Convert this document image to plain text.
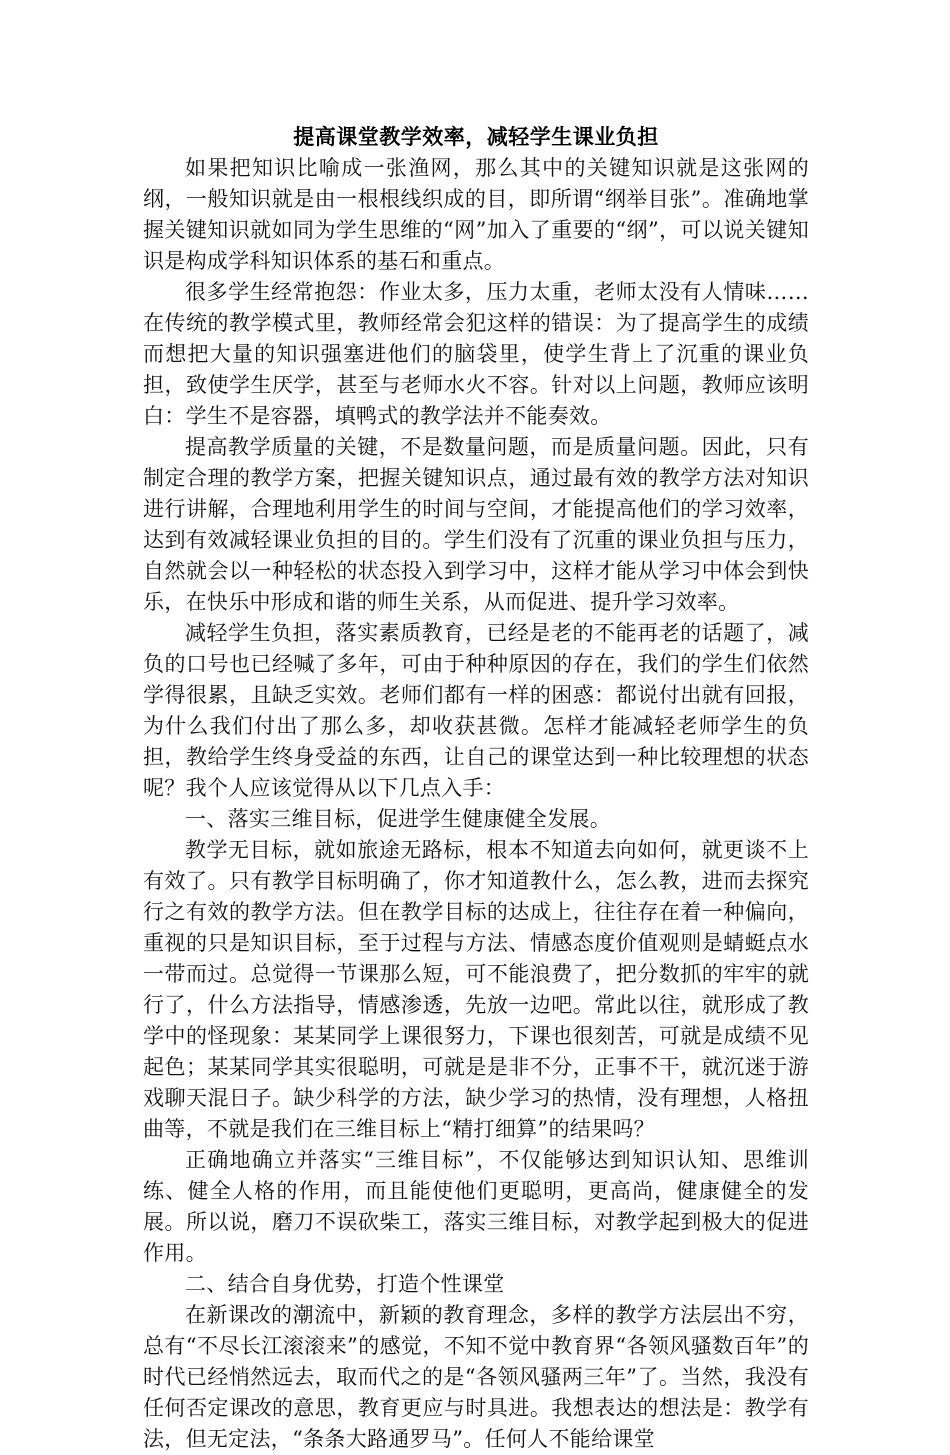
提高课堂教学效率，减轻学生课业负担

如果把知识比喻成一张渔网，那么其中的关键知识就是这张网的纲，一般知识就是由一根根线织成的目，即所谓“纲举目张”。准确地掌握关键知识就如同为学生思维的“网”加入了重要的“纲”，可以说关键知识是构成学科知识体系的基石和重点。

很多学生经常抱怨：作业太多，压力太重，老师太没有人情味……在传统的教学模式里，教师经常会犯这样的错误：为了提高学生的成绩而想把大量的知识强塞进他们的脑袋里，使学生背上了沉重的课业负担，致使学生厌学，甚至与老师水火不容。针对以上问题，教师应该明白：学生不是容器，填鸭式的教学法并不能奏效。

提高教学质量的关键，不是数量问题，而是质量问题。因此，只有制定合理的教学方案，把握关键知识点，通过最有效的教学方法对知识进行讲解，合理地利用学生的时间与空间，才能提高他们的学习效率，达到有效减轻课业负担的目的。学生们没有了沉重的课业负担与压力，自然就会以一种轻松的状态投入到学习中，这样才能从学习中体会到快乐，在快乐中形成和谐的师生关系，从而促进、提升学习效率。

减轻学生负担，落实素质教育，已经是老的不能再老的话题了，减负的口号也已经喊了多年，可由于种种原因的存在，我们的学生们依然学得很累，且缺乏实效。老师们都有一样的困惑：都说付出就有回报，为什么我们付出了那么多，却收获甚微。怎样才能减轻老师学生的负担，教给学生终身受益的东西，让自己的课堂达到一种比较理想的状态呢？我个人应该觉得从以下几点入手：

一、落实三维目标，促进学生健康健全发展。

教学无目标，就如旅途无路标，根本不知道去向如何，就更谈不上有效了。只有教学目标明确了，你才知道教什么，怎么教，进而去探究行之有效的教学方法。但在教学目标的达成上，往往存在着一种偏向，重视的只是知识目标，至于过程与方法、情感态度价值观则是蜻蜓点水一带而过。总觉得一节课那么短，可不能浪费了，把分数抓的牢牢的就行了，什么方法指导，情感渗透，先放一边吧。常此以往，就形成了教学中的怪现象：某某同学上课很努力，下课也很刻苦，可就是成绩不见起色；某某同学其实很聪明，可就是是非不分，正事不干，就沉迷于游戏聊天混日子。缺少科学的方法，缺少学习的热情，没有理想，人格扭曲等，不就是我们在三维目标上“精打细算”的结果吗？

正确地确立并落实“三维目标”，不仅能够达到知识认知、思维训练、健全人格的作用，而且能使他们更聪明，更高尚，健康健全的发展。所以说，磨刀不误砍柴工，落实三维目标，对教学起到极大的促进作用。

二、结合自身优势，打造个性课堂

在新课改的潮流中，新颖的教育理念，多样的教学方法层出不穷，总有“不尽长江滚滚来”的感觉，不知不觉中教育界“各领风骚数百年”的时代已经悄然远去，取而代之的是“各领风骚两三年”了。当然，我没有任何否定课改的意思，教育更应与时具进。我想表达的想法是：教学有法，但无定法，“条条大路通罗马”。任何人不能给课堂
